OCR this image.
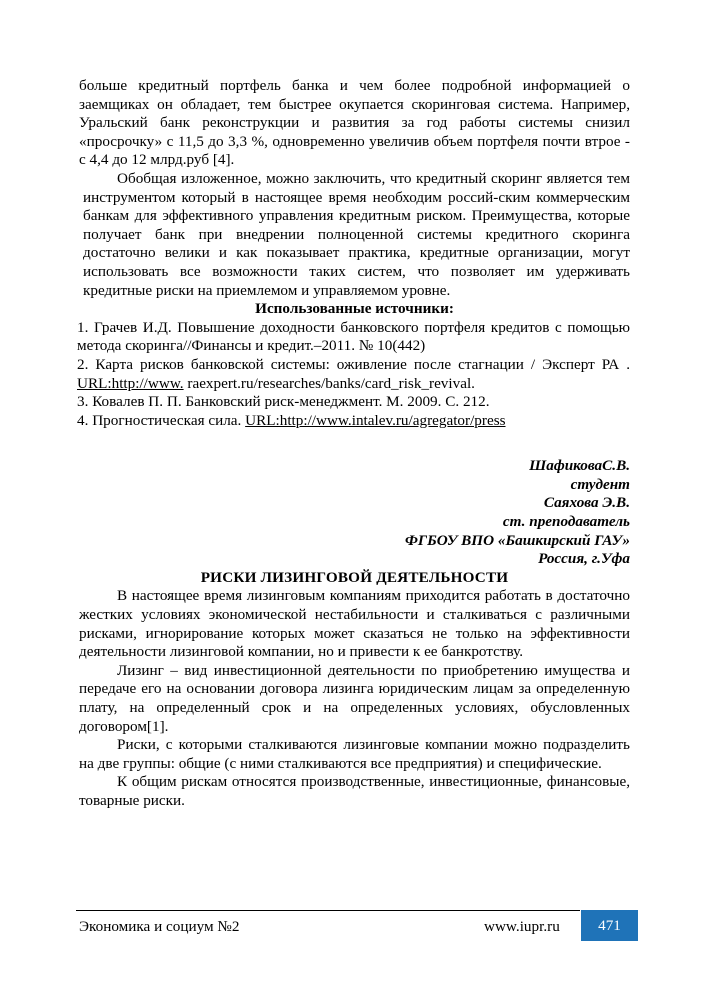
больше кредитный портфель банка и чем более подробной информацией о заемщиках он обладает, тем быстрее окупается скоринговая система. Например, Уральский банк реконструкции и развития за год работы системы снизил «просрочку» с 11,5 до 3,3 %, одновременно увеличив объем портфеля почти втрое - с 4,4 до 12 млрд.руб [4].

Обобщая изложенное, можно заключить, что кредитный скоринг является тем инструментом который в настоящее время необходим россий-ским коммерческим банкам для эффективного управления кредитным риском. Преимущества, которые получает банк при внедрении полноценной системы кредитного скоринга достаточно велики и как показывает практика, кредитные организации, могут использовать все возможности таких систем, что позволяет им удерживать кредитные риски на приемлемом и управляемом уровне.

Использованные источники:

1. Грачев И.Д. Повышение доходности банковского портфеля кредитов с помощью метода скоринга//Финансы и кредит.–2011. № 10(442)

2. Карта рисков банковской системы: оживление после стагнации / Эксперт РА . URL:http://www. raexpert.ru/researches/banks/card_risk_revival.

3. Ковалев П. П. Банковский риск-менеджмент. М. 2009. С. 212.

4. Прогностическая сила. URL:http://www.intalev.ru/agregator/press

ШафиковаС.В.

студент

Саяхова Э.В.

ст. преподаватель

ФГБОУ ВПО «Башкирский ГАУ»

Россия, г.Уфа

РИСКИ ЛИЗИНГОВОЙ ДЕЯТЕЛЬНОСТИ

В настоящее время лизинговым компаниям приходится работать в достаточно жестких условиях экономической нестабильности и сталкиваться с различными рисками, игнорирование которых может сказаться не только на эффективности деятельности лизинговой компании, но и привести к ее банкротству.

Лизинг – вид инвестиционной деятельности по приобретению имущества и передаче его на основании договора лизинга юридическим лицам за определенную плату, на определенный срок и на определенных условиях, обусловленных договором[1].

Риски, с которыми сталкиваются лизинговые компании можно подразделить на две группы: общие (с ними сталкиваются все предприятия) и специфические.

К общим рискам относятся производственные, инвестиционные, финансовые, товарные риски.

Экономика и социум №2	www.iupr.ru	471
